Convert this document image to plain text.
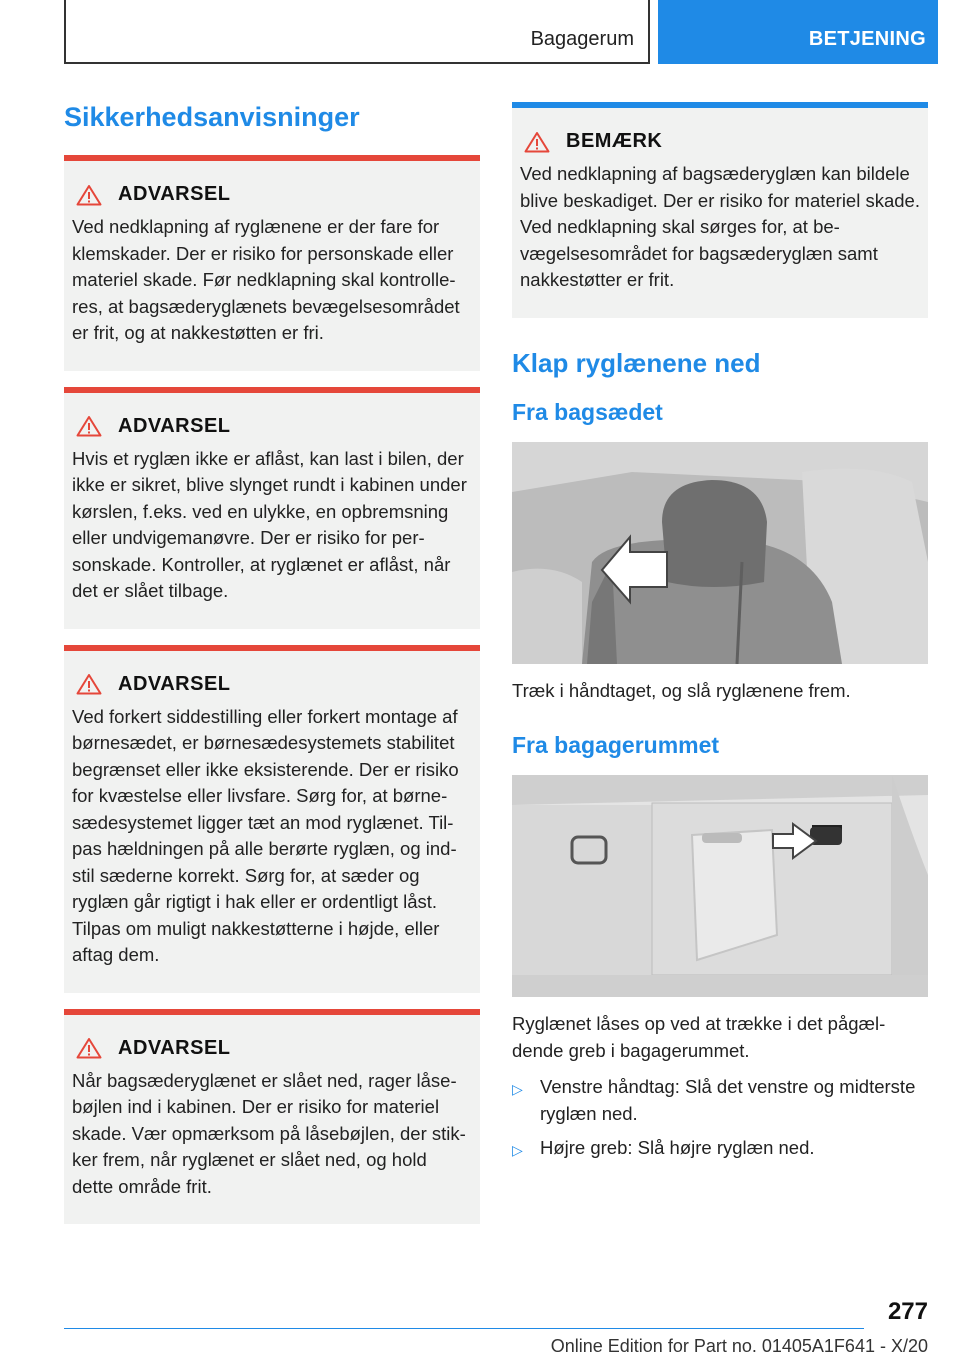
Bagagerum	BETJENING
Sikkerhedsanvisninger
ADVARSEL

Ved nedklapning af ryglænene er der fare for klemskader. Der er risiko for personskade eller materiel skade. Før nedklapning skal kontrolleres, at bagsæderyglænets bevægelsesområdet er frit, og at nakkestøtten er fri.

ADVARSEL

Hvis et ryglæn ikke er aflåst, kan last i bilen, der ikke er sikret, blive slynget rundt i kabinen under kørslen, f.eks. ved en ulykke, en opbremsning eller undvigemanøvre. Der er risiko for personskade. Kontroller, at ryglænet er aflåst, når det er slået tilbage.

ADVARSEL

Ved forkert siddestilling eller forkert montage af børnesædet, er børnesædesystemets stabilitet begrænset eller ikke eksisterende. Der er risiko for kvæstelse eller livsfare. Sørg for, at børnesædesystemet ligger tæt an mod ryglænet. Tilpas hældningen på alle berørte ryglæn, og indstil sæderne korrekt. Sørg for, at sæder og ryglæn går rigtigt i hak eller er ordentligt låst. Tilpas om muligt nakkestøtterne i højde, eller aftag dem.

ADVARSEL

Når bagsæderyglænet er slået ned, rager låsebøjlen ind i kabinen. Der er risiko for materiel skade. Vær opmærksom på låsebøjlen, der stikker frem, når ryglænet er slået ned, og hold dette område frit.

BEMÆRK

Ved nedklapning af bagsæderyglæn kan bildele blive beskadiget. Der er risiko for materiel skade. Ved nedklapning skal sørges for, at bevægelsesområdet for bagsæderyglæn samt nakkestøtter er frit.

Klap ryglænene ned
Fra bagsædet

Træk i håndtaget, og slå ryglænene frem.

Fra bagagerummet

Ryglænet låses op ved at trække i det pågældende greb i bagagerummet.

▷ Venstre håndtag: Slå det venstre og midterste ryglæn ned.
▷ Højre greb: Slå højre ryglæn ned.
277
Online Edition for Part no. 01405A1F641 - X/20
